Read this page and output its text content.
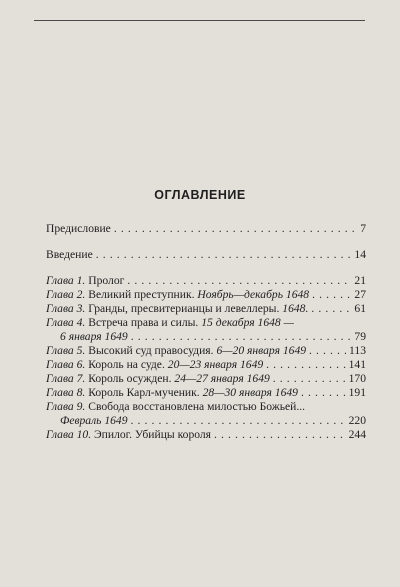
ОГЛАВЛЕНИЕ
Предисловие . . .	7
Введение . . .	14
Глава 1. Пролог . . .	21
Глава 2. Великий преступник. Ноябрь—декабрь 1648 . . .	27
Глава 3. Гранды, пресвитерианцы и левеллеры. 1648. . . .	61
Глава 4. Встреча права и силы. 15 декабря 1648 —
6 января 1649 . . .	79
Глава 5. Высокий суд правосудия. 6—20 января 1649 . . .	113
Глава 6. Король на суде. 20—23 января 1649 . . .	141
Глава 7. Король осужден. 24—27 января 1649 . . .	170
Глава 8. Король Карл-мученик. 28—30 января 1649 . . .	191
Глава 9. Свобода восстановлена милостью Божьей...
Февраль 1649 . . .	220
Глава 10. Эпилог. Убийцы короля . . .	244
